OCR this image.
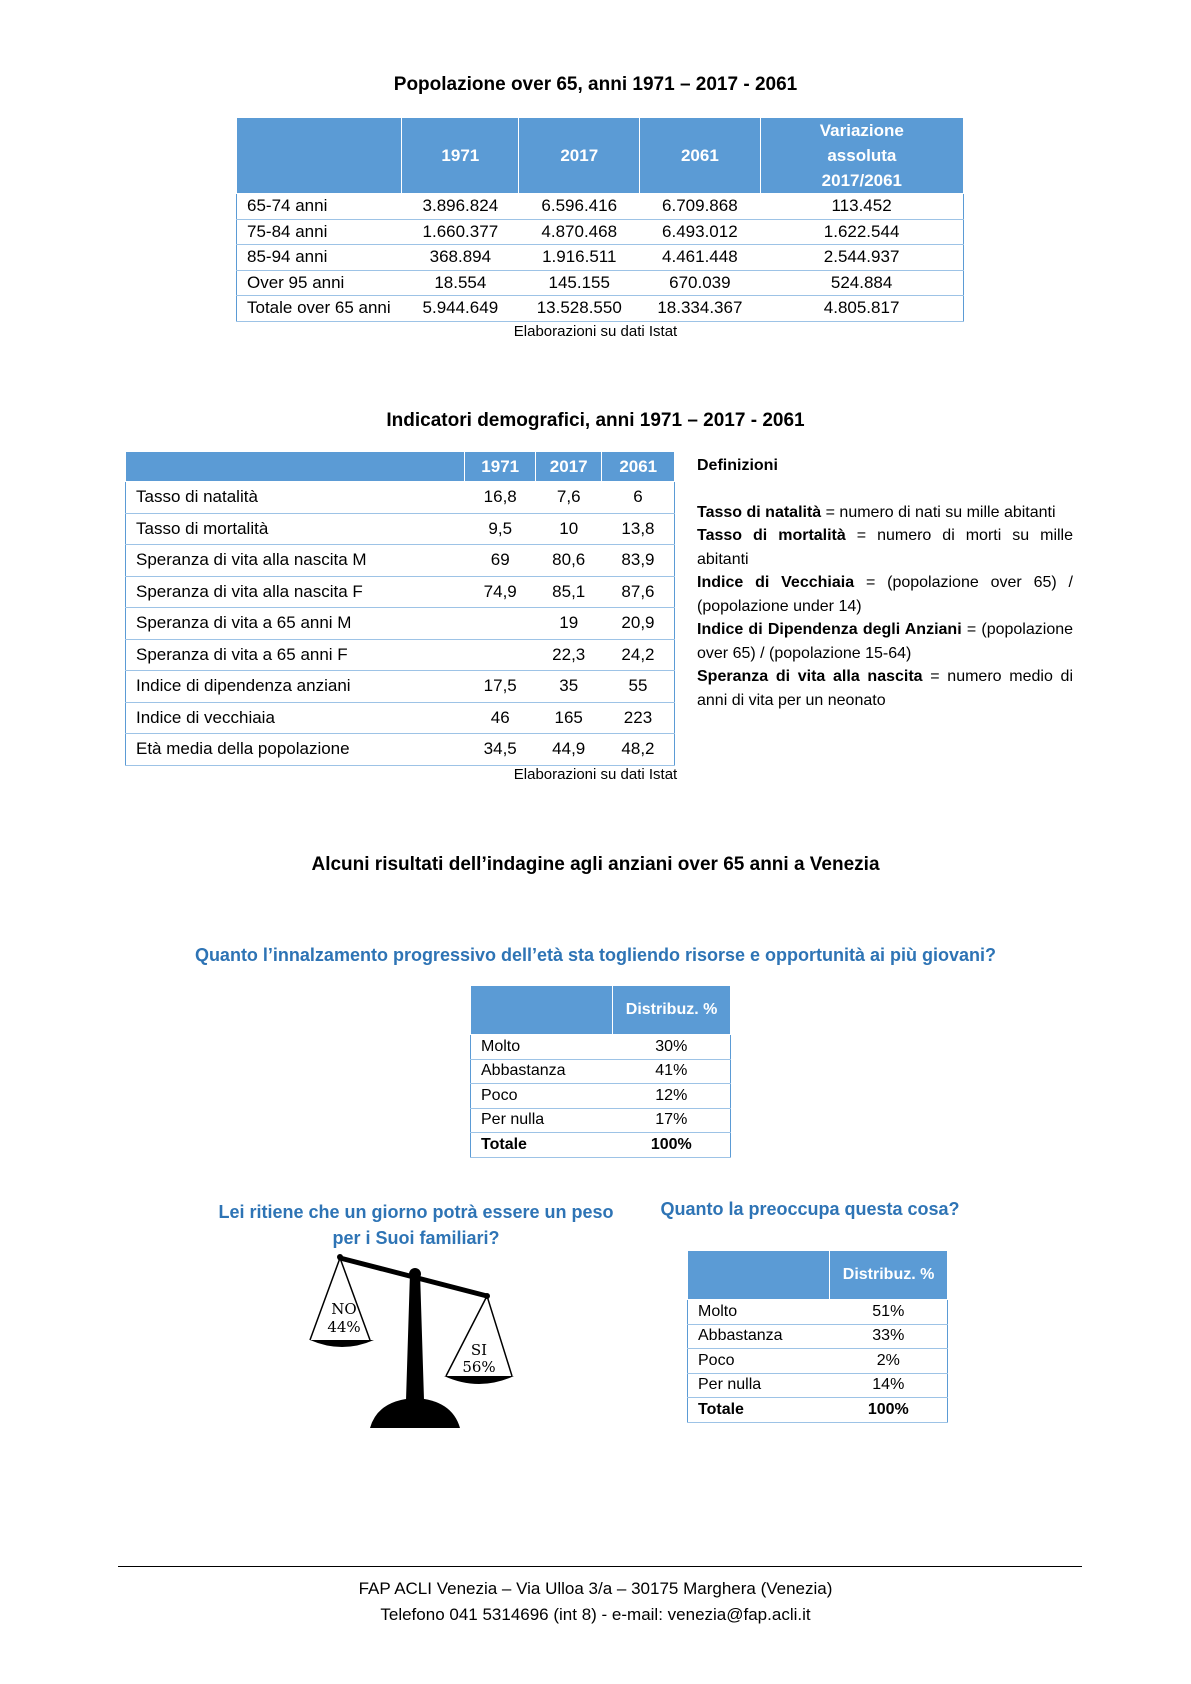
Popolazione over 65, anni 1971 – 2017 - 2061
	1971	2017	2061	Variazione assoluta 2017/2061
65-74 anni	3.896.824	6.596.416	6.709.868	113.452
75-84 anni	1.660.377	4.870.468	6.493.012	1.622.544
85-94 anni	368.894	1.916.511	4.461.448	2.544.937
Over 95 anni	18.554	145.155	670.039	524.884
Totale over 65 anni	5.944.649	13.528.550	18.334.367	4.805.817
Elaborazioni su dati Istat
Indicatori demografici, anni 1971 – 2017 - 2061
	1971	2017	2061
Tasso di natalità	16,8	7,6	6
Tasso di mortalità	9,5	10	13,8
Speranza di vita alla nascita M	69	80,6	83,9
Speranza di vita alla nascita F	74,9	85,1	87,6
Speranza di vita a 65 anni M		19	20,9
Speranza di vita a 65 anni F		22,3	24,2
Indice di dipendenza anziani	17,5	35	55
Indice di vecchiaia	46	165	223
Età media della popolazione	34,5	44,9	48,2
Elaborazioni su dati Istat
Definizioni

Tasso di natalità = numero di nati su mille abitanti

Tasso di mortalità = numero di morti su mille abitanti

Indice di Vecchiaia = (popolazione over 65) / (popolazione under 14)

Indice di Dipendenza degli Anziani = (popolazione over 65) / (popolazione 15-64)

Speranza di vita alla nascita = numero medio di anni di vita per un neonato

Alcuni risultati dell’indagine agli anziani over 65 anni a Venezia
Quanto l’innalzamento progressivo dell’età sta togliendo risorse e opportunità ai più giovani?
	Distribuz. %
Molto	30%
Abbastanza	41%
Poco	12%
Per nulla	17%
Totale	100%
Lei ritiene che un giorno potrà essere un peso
per i Suoi familiari?
Quanto la preoccupa questa cosa?
NO
44%
SI
56%
	Distribuz. %
Molto	51%
Abbastanza	33%
Poco	2%
Per nulla	14%
Totale	100%
FAP ACLI Venezia – Via Ulloa 3/a – 30175 Marghera (Venezia)
Telefono 041 5314696 (int 8) - e-mail: venezia@fap.acli.it
